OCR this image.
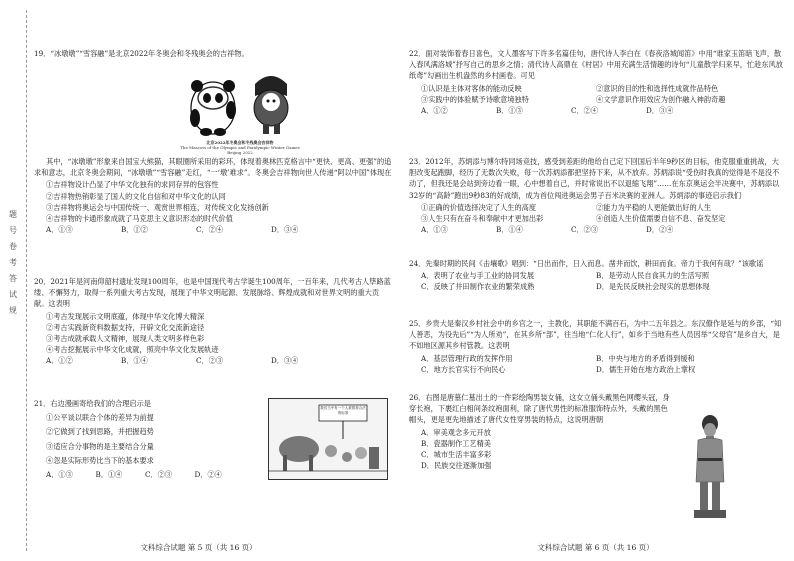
题
号
卷
考
答
试
规

19．“冰墩墩”“雪容融”是北京2022年冬奥会和冬残奥会的吉祥物。

北京2022年冬奥会和冬残奥会吉祥物
The Mascots of the Olympic and Paralympic Winter Games Beijing 2022

其中，“冰墩墩”形象来自国宝大熊猫，其眼圈所采用的彩环，体现着奥林匹克格言中“更快、更高、更强”的追求和意志，北京冬奥会期间，“冰墩墩”“雪容融”走红，“一‘墩’难求”。冬奥会吉祥物向世人传递“阿以中国”体现在

①吉祥物设计凸显了中华文化独有的求同存异的包容性

②吉祥物热销彰显了国人的文化自信和对中华文化的认同

③吉祥物将奥运会与中国传统一、观赏世界相连，对传统文化发扬创新

④吉祥物的卡通形象成就了马克思主义意识形态的时代价值

A．①③	B．①②	C．②④	D．③④

20．2021年是河南仰韶村遗址发现100周年，也是中国现代考古学诞生100周年，一百年来，几代考古人筚路蓝缕、不懈努力，取得一系列重大考古发现，展现了中华文明起源、发展脉络、辉煌成就和对世界文明的重大贡献。这表明

①考古发现展示文明底蕴，体现中华文化博大精深

②考古实践新资料数据支持，开辟文化交流新途径

③考古成就承载人文精神，展现人类文明多样色彩

④考古挖掘展示中华文化成就，照亮中华文化发展轨迹

A．①②	B．①④	C．②③	D．③④

21．右边漫画寄给我们的合理启示是

①公平谈以联合个体的差异为前提

②它做到了找到思路，并把握趋势

③适应合分事物的是主要结合分量

④忽是实际形势比当下的基本要求

A．①③	B．①④	C．②③	D．②④
我们当中有一个人被推荐合法的标准
文科综合试题 第 5 页（共 16 页）

22．面对装饰着春日喜色，文人墨客写下许多名篇佳句，唐代诗人李白在《春夜洛城闻笛》中用“谁家玉笛暗飞声，散入春风满洛城”抒写自己的思乡之情；清代诗人高鼎在《村居》中用充满生活情趣的诗句“儿童散学归来早，忙趁东风放纸鸢”勾画出生机盎然的乡村画卷。可见

①认识是主体对客体的能动反映	②意识的目的性和选择性成就作品特色
③实践中的体验赋予诗歌意境独特	④文学意识作用效应为创作融入神韵奇趣
A．①②	B．①③	C．②④	D．③④

23．2012年，苏炳添与博尔特同场竞技，感受到差距的他给自己定下回国后半年9秒区的目标，他克服重重挑战，大胆改变起跑脚，经历了无数次失败，每一次苏炳添都把坚持下来，从不放弃。苏炳添说“受伤时我真的觉得是不是没不动了，但我还是会站到旁边看一眼，心中想着自己，并时常说出不以退缩飞翔”……在东京奥运会半决赛中，苏炳添以32岁的“高龄”跑出9秒83的好成绩，成为首位闯进奥运会男子百米决赛的亚洲人。苏炳添的事迹启示我们

①正确的价值选择决定了人生的高度	②能力为平稳的人更能做出好的人生
③人生只有在奋斗和奉献中才更加出彩	④创造人生价值需要自信不息、奋发坚定
A．①③	B．①④	C．②③	D．②④

24．先秦时期的民间《击壤歌》唱到：“日出而作，日入而息。凿井而饮，耕田而食。帝力于我何有哉？”该歌谣

A．表明了农业与手工业的协同发展	B．是劳动人民自食其力的生活写照
C．反映了井田制作农业的繁荣成熟	D．是先民反映社会现实的思想体现

25．乡贵大是秦汉乡村社会中的乡官之一，主教化，其职能不满百石，为中二五年县之。东汉僚作是延与的乡部，“知人善恶，为役先后”“为人所劝”，在其乡所“部”，往当地“仁化人行”，如乡于当地有些人员因举“父母官”是乡自大，是不如地区源其乡村管教。这表明

A．基层管理行政的发挥作用	B．中央与地方的矛盾得到缓和
C．地方长官实行不向民心	D．儒生开始在地方政治上掌权

26．右图是唐墓仁墓出土的一件彩绘陶男装女俑，这女立俑头戴黑色网缨头冠，身穿长袍，下裹红白相间条纹袍面利，除了唐代男性的标准服饰特点外，头戴的黑色帽头，更是更先地描述了唐代女性穿男装的特点，这说明唐朝

A．审美观念多元开放

B．瓷器制作工艺精美

C．城市生活丰富多彩

D．民族交往逐渐加强

文科综合试题 第 6 页（共 16 页）
